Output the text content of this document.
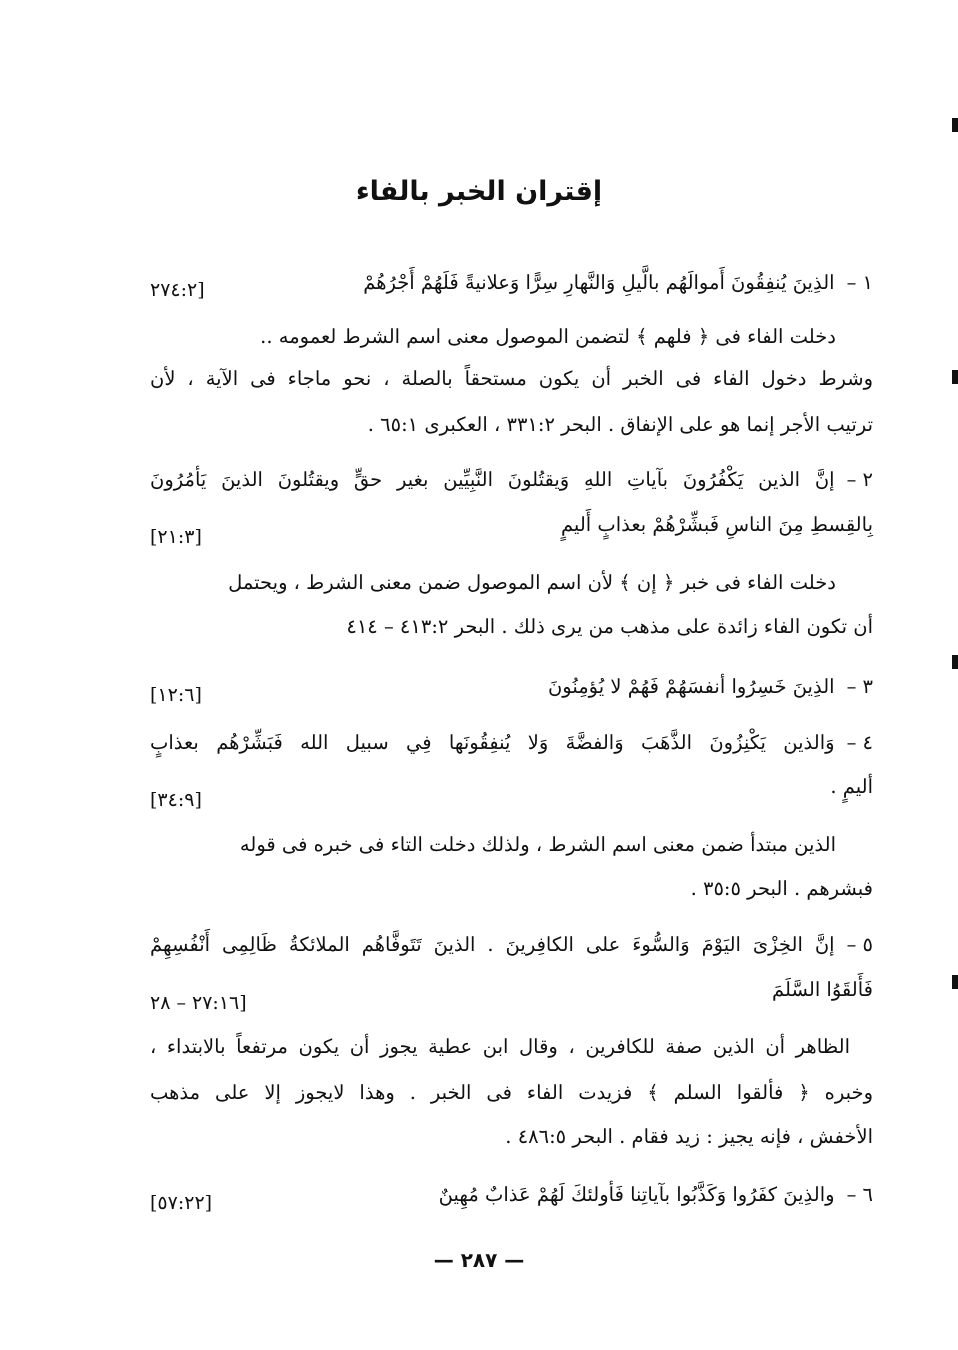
إقتران الخبر بالفاء
١ –الذِينَ يُنفِقُونَ أَموالَهُم بالَّيلِ وَالنَّهارِ سِرًّا وَعلانيةً فَلَهُمْ أَجْرُهُمْ
[٢٧٤:٢
دخلت الفاء فى ﴿ فلهم ﴾ لتضمن الموصول معنى اسم الشرط لعمومه ..
وشرط دخول الفاء فى الخبر أن يكون مستحقاً بالصلة ، نحو ماجاء فى الآية ، لأن
ترتيب الأجر إنما هو على الإنفاق . البحر ٣٣١:٢ ، العكبرى ٦٥:١ .
٢ –إنَّ الذين يَكْفُرُونَ بآياتِ اللهِ وَيقتُلونَ النَّبِيِّين بغير حقٍّ ويقتُلونَ الذينَ يَأمُرُونَ
بِالقِسطِ مِنَ الناسِ فَبشِّرْهُمْ بعذابٍ أَليمٍ
[٢١:٣]
دخلت الفاء فى خبر ﴿ إن ﴾ لأن اسم الموصول ضمن معنى الشرط ، ويحتمل
أن تكون الفاء زائدة على مذهب من يرى ذلك . البحر ٤١٣:٢ – ٤١٤
٣ –الذِينَ خَسِرُوا أنفسَهُمْ فَهُمْ لا يُؤمِنُونَ
[١٢:٦]
٤ –وَالذين يَكْنِزُونَ الذَّهَبَ وَالفضَّةَ وَلا يُنفِقُونَها فِي سبيل الله فَبَشِّرْهُم بعذابٍ
أليمٍ .
[٣٤:٩]
الذين مبتدأ ضمن معنى اسم الشرط ، ولذلك دخلت التاء فى خبره فى قوله
فبشرهم . البحر ٣٥:٥ .
٥ –إنَّ الخِزْىَ اليَوْمَ وَالسُّوءَ على الكافِرينَ . الذينَ تَتَوفَّاهُم الملائكةُ ظَالِمِى أَنْفُسِهِمْ
فَأَلقَوُا السَّلَمَ
[٢٧:١٦ – ٢٨
الظاهر أن الذين صفة للكافرين ، وقال ابن عطية يجوز أن يكون مرتفعاً بالابتداء ،
وخبره ﴿ فألقوا السلم ﴾ فزيدت الفاء فى الخبر . وهذا لايجوز إلا على مذهب
الأخفش ، فإنه يجيز : زيد فقام . البحر ٤٨٦:٥ .
٦ –والذِينَ كفَرُوا وَكَذَّبُوا بآياتِنا فَأولئكَ لَهُمْ عَذابٌ مُهِينٌ
[٥٧:٢٢]
— ٢٨٧ —
